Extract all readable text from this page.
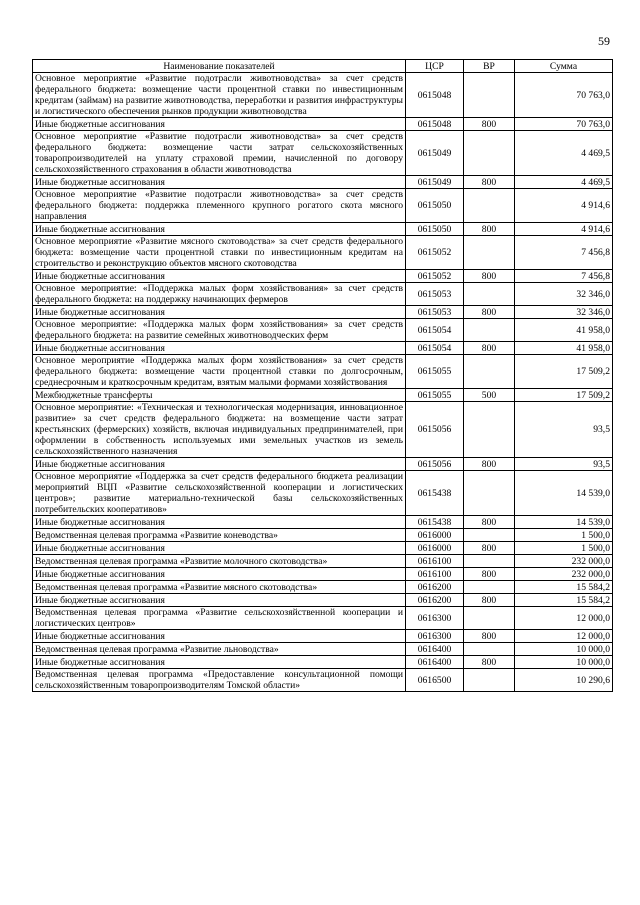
59
Наименование показателей	ЦСР	ВР	Сумма
Основное мероприятие «Развитие подотрасли животноводства» за счет средств федерального бюджета: возмещение части процентной ставки по инвестиционным кредитам (займам) на развитие животноводства, переработки и развития инфраструктуры и логистического обеспечения рынков продукции животноводства	0615048		70 763,0
Иные бюджетные ассигнования	0615048	800	70 763,0
Основное мероприятие «Развитие подотрасли животноводства» за счет средств федерального бюджета: возмещение части затрат сельскохозяйственных товаропроизводителей на уплату страховой премии, начисленной по договору сельскохозяйственного страхования в области животноводства	0615049		4 469,5
Иные бюджетные ассигнования	0615049	800	4 469,5
Основное мероприятие «Развитие подотрасли животноводства» за счет средств федерального бюджета: поддержка племенного крупного рогатого скота мясного направления	0615050		4 914,6
Иные бюджетные ассигнования	0615050	800	4 914,6
Основное мероприятие «Развитие мясного скотоводства» за счет средств федерального бюджета: возмещение части процентной ставки по инвестиционным кредитам на строительство и реконструкцию объектов мясного скотоводства	0615052		7 456,8
Иные бюджетные ассигнования	0615052	800	7 456,8
Основное мероприятие: «Поддержка малых форм хозяйствования» за счет средств федерального бюджета: на поддержку начинающих фермеров	0615053		32 346,0
Иные бюджетные ассигнования	0615053	800	32 346,0
Основное мероприятие: «Поддержка малых форм хозяйствования» за счет средств федерального бюджета: на развитие семейных животноводческих ферм	0615054		41 958,0
Иные бюджетные ассигнования	0615054	800	41 958,0
Основное мероприятие «Поддержка малых форм хозяйствования» за счет средств федерального бюджета: возмещение части процентной ставки по долгосрочным, среднесрочным и краткосрочным кредитам, взятым малыми формами хозяйствования	0615055		17 509,2
Межбюджетные трансферты	0615055	500	17 509,2
Основное мероприятие: «Техническая и технологическая модернизация, инновационное развитие» за счет средств федерального бюджета: на возмещение части затрат крестьянских (фермерских) хозяйств, включая индивидуальных предпринимателей, при оформлении в собственность используемых ими земельных участков из земель сельскохозяйственного назначения	0615056		93,5
Иные бюджетные ассигнования	0615056	800	93,5
Основное мероприятие «Поддержка за счет средств федерального бюджета реализации мероприятий ВЦП «Развитие сельскохозяйственной кооперации и логистических центров»; развитие материально-технической базы сельскохозяйственных потребительских кооперативов»	0615438		14 539,0
Иные бюджетные ассигнования	0615438	800	14 539,0
Ведомственная целевая программа «Развитие коневодства»	0616000		1 500,0
Иные бюджетные ассигнования	0616000	800	1 500,0
Ведомственная целевая программа «Развитие молочного скотоводства»	0616100		232 000,0
Иные бюджетные ассигнования	0616100	800	232 000,0
Ведомственная целевая программа «Развитие мясного скотоводства»	0616200		15 584,2
Иные бюджетные ассигнования	0616200	800	15 584,2
Ведомственная целевая программа «Развитие сельскохозяйственной кооперации и логистических центров»	0616300		12 000,0
Иные бюджетные ассигнования	0616300	800	12 000,0
Ведомственная целевая программа «Развитие льноводства»	0616400		10 000,0
Иные бюджетные ассигнования	0616400	800	10 000,0
Ведомственная целевая программа «Предоставление консультационной помощи сельскохозяйственным товаропроизводителям Томской области»	0616500		10 290,6
